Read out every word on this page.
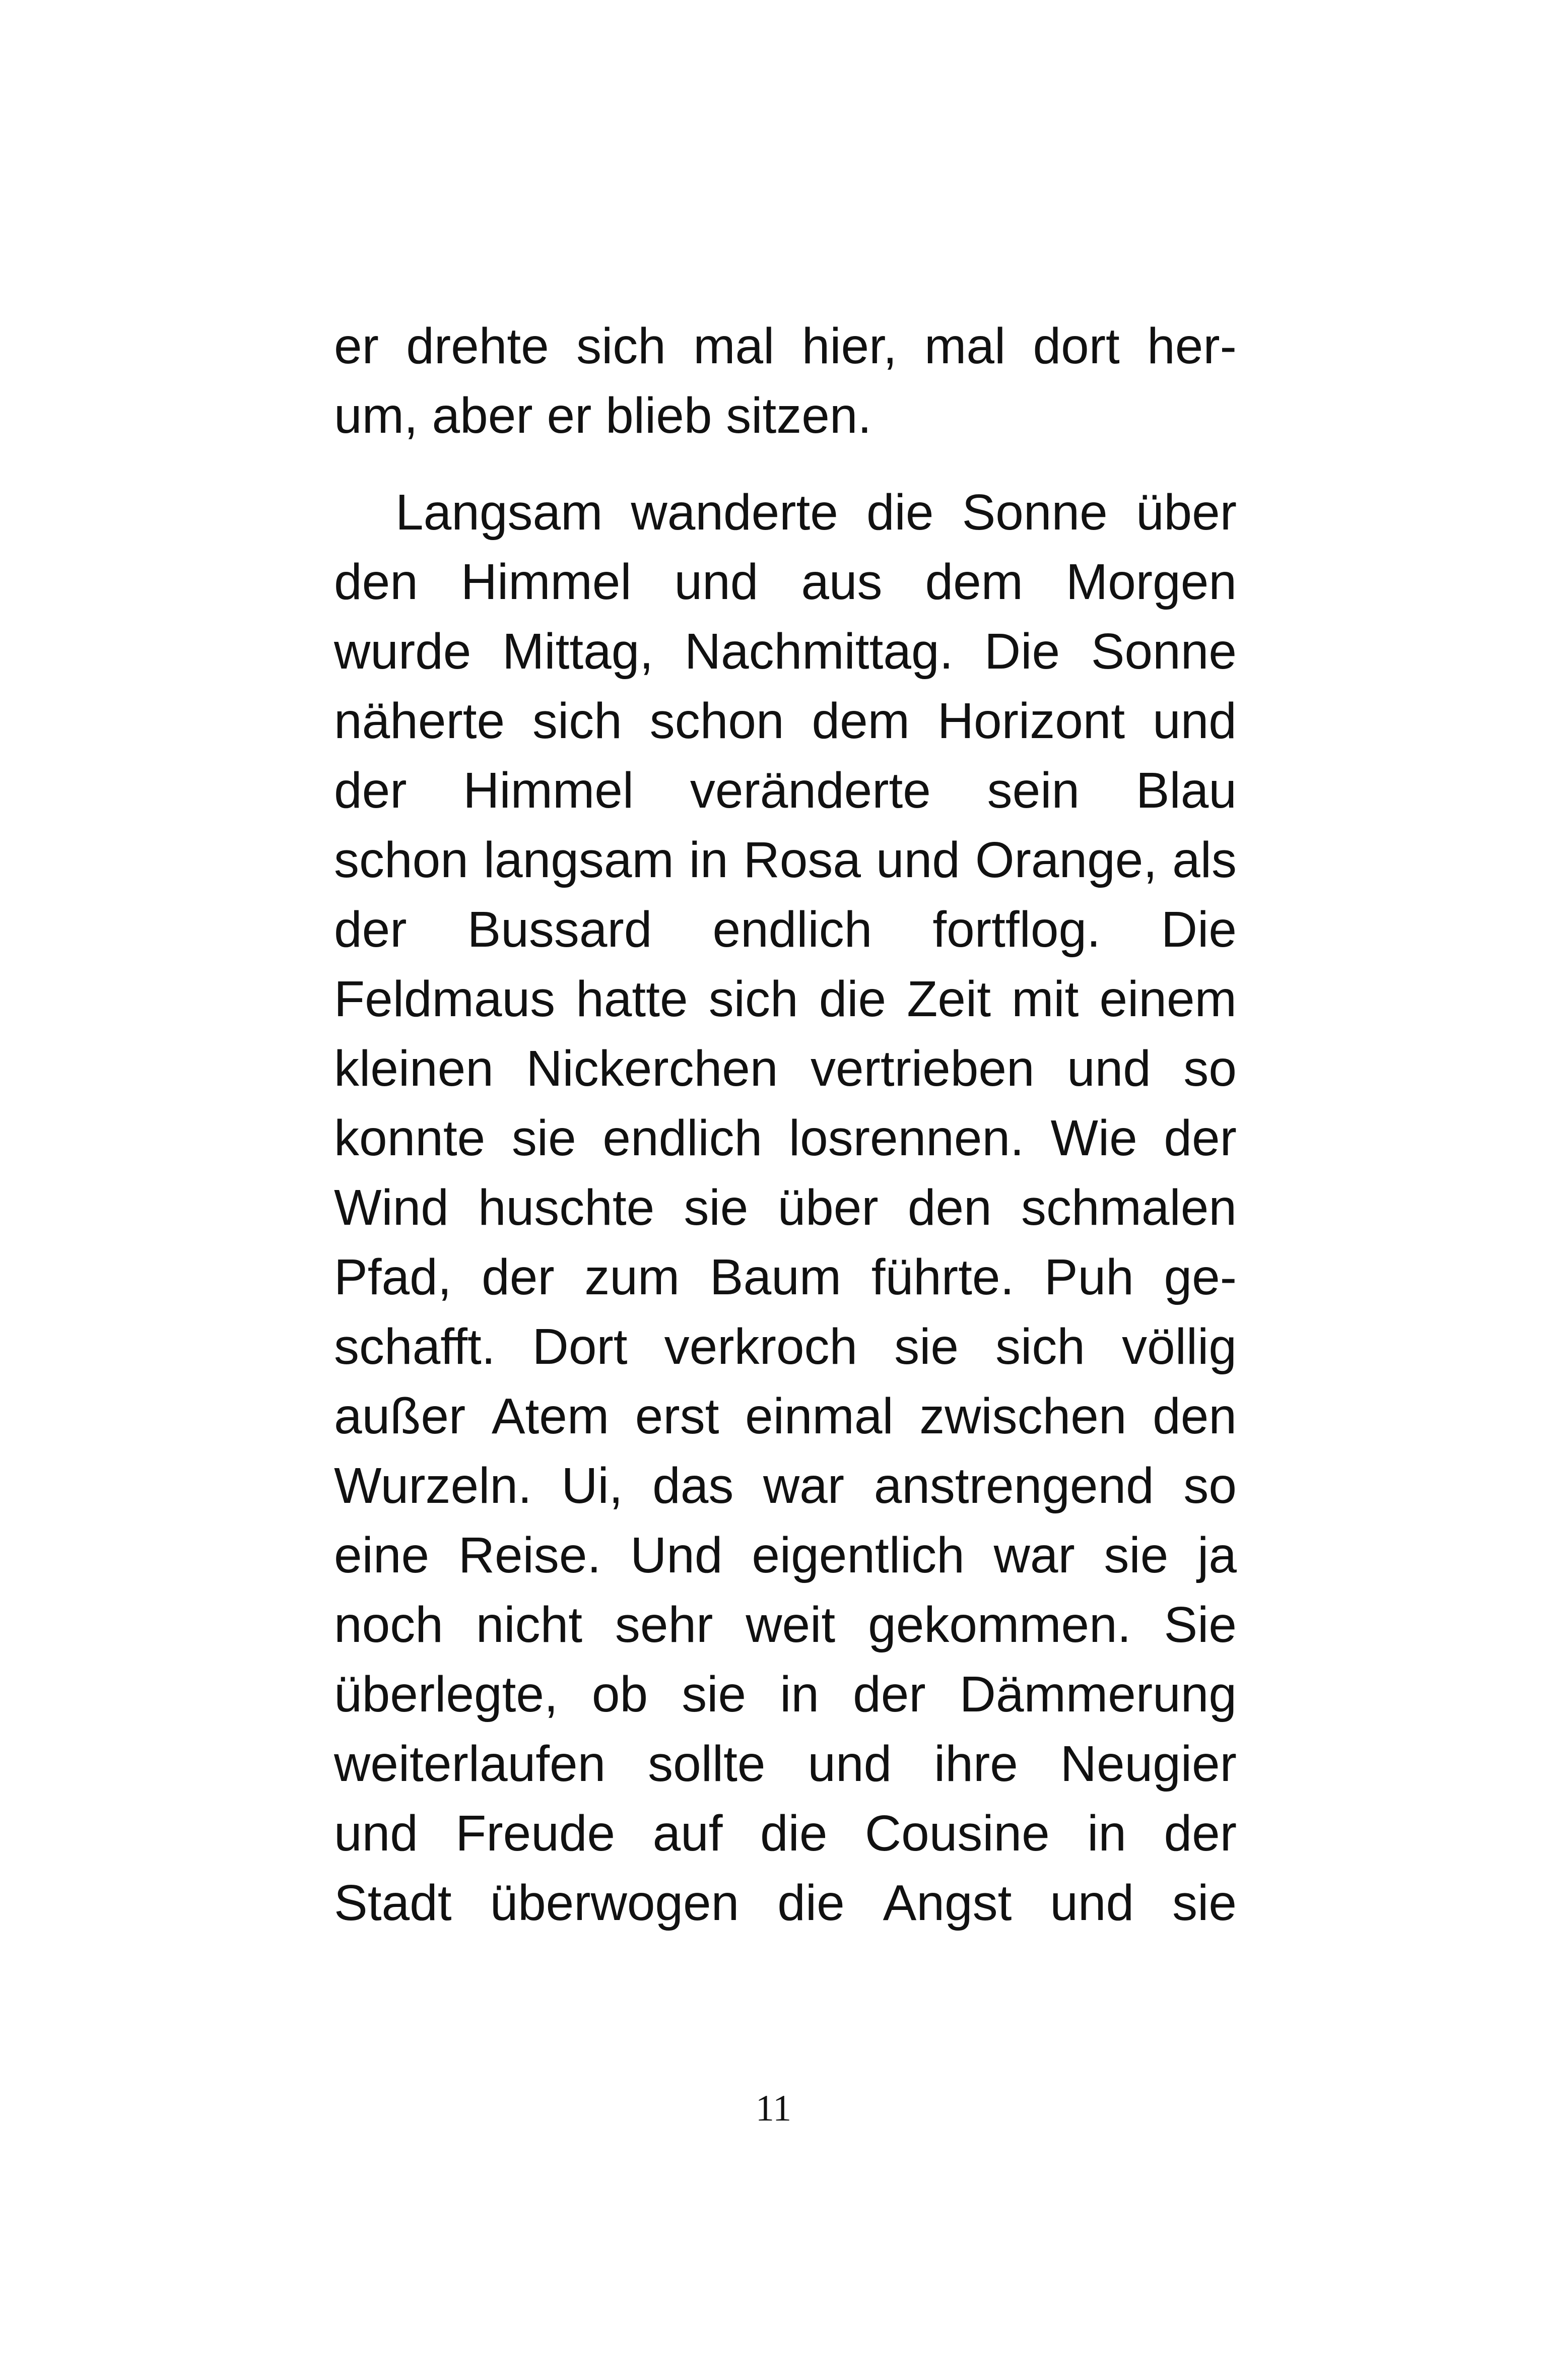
er drehte sich mal hier, mal dort her-
um, aber er blieb sitzen.
Langsam wanderte die Sonne über
den Himmel und aus dem Morgen
wurde Mittag, Nachmittag. Die Sonne
näherte sich schon dem Horizont und
der Himmel veränderte sein Blau
schon langsam in Rosa und Orange, als
der Bussard endlich fortflog. Die
Feldmaus hatte sich die Zeit mit einem
kleinen Nickerchen vertrieben und so
konnte sie endlich losrennen. Wie der
Wind huschte sie über den schmalen
Pfad, der zum Baum führte. Puh ge-
schafft. Dort verkroch sie sich völlig
außer Atem erst einmal zwischen den
Wurzeln. Ui, das war anstrengend so
eine Reise. Und eigentlich war sie ja
noch nicht sehr weit gekommen. Sie
überlegte, ob sie in der Dämmerung
weiterlaufen sollte und ihre Neugier
und Freude auf die Cousine in der
Stadt überwogen die Angst und sie
11
